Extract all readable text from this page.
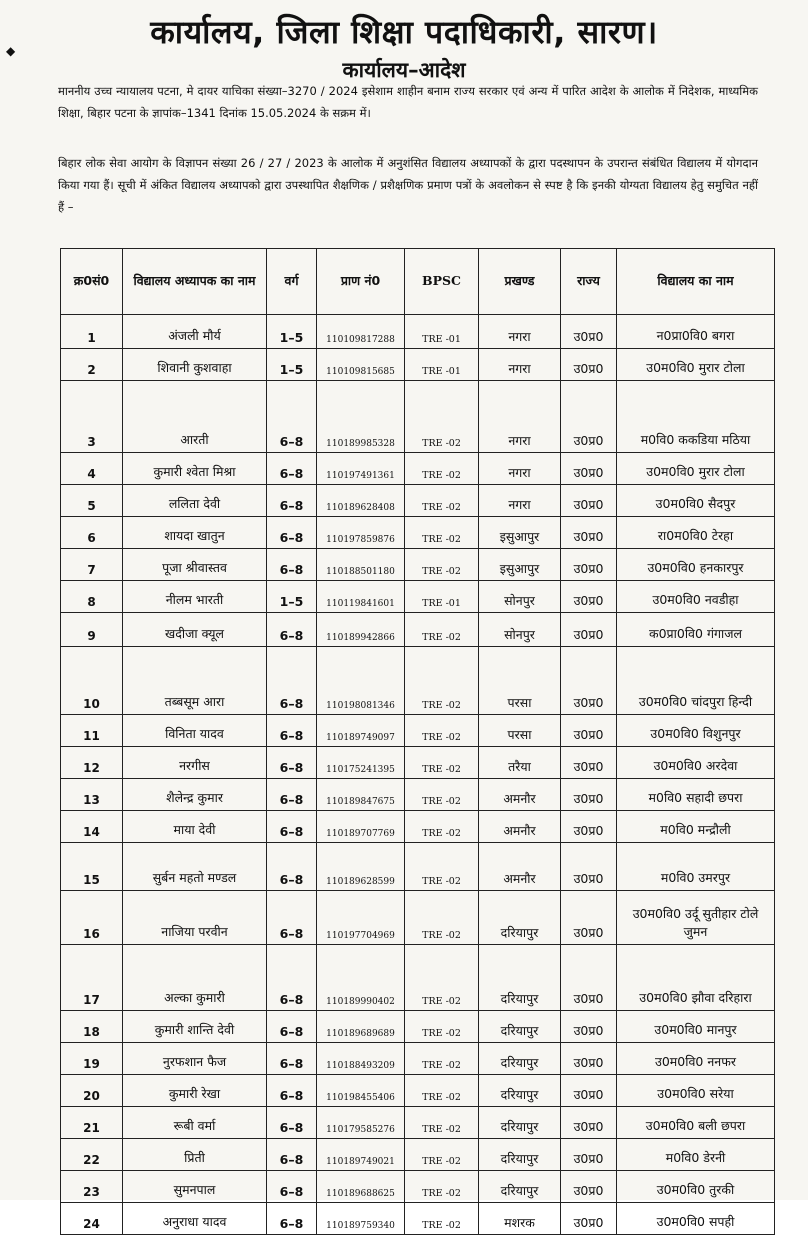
◆	कार्यालय, जिला शिक्षा पदाधिकारी, सारण।
कार्यालय–आदेश
माननीय उच्च न्यायालय पटना, मे दायर याचिका संख्या–3270 / 2024 इसेशाम शाहीन बनाम राज्य सरकार एवं अन्य में पारित आदेश के आलोक में निदेशक, माध्यमिक शिक्षा, बिहार पटना के ज्ञापांक–1341 दिनांक 15.05.2024 के सक्रम में।
बिहार लोक सेवा आयोग के विज्ञापन संख्या 26 / 27 / 2023 के आलोक में अनुशंसित विद्यालय अध्यापकों के द्वारा पदस्थापन के उपरान्त संबंधित विद्यालय में योगदान किया गया हैं। सूची में अंकित विद्यालय अध्यापको द्वारा उपस्थापित शैक्षणिक / प्रशैक्षणिक प्रमाण पत्रों के अवलोकन से स्पष्ट है कि इनकी योग्यता विद्यालय हेतु समुचित नहीं हैं –
क्र0सं0	विद्यालय अध्यापक का नाम	वर्ग	प्राण नं0	BPSC	प्रखण्ड	राज्य	विद्यालय का नाम
1	अंजली मौर्य	1–5	110109817288	TRE -01	नगरा	उ0प्र0	न0प्रा0वि0 बगरा
2	शिवानी कुशवाहा	1–5	110109815685	TRE -01	नगरा	उ0प्र0	उ0म0वि0 मुरार टोला
3	आरती	6–8	110189985328	TRE -02	नगरा	उ0प्र0	म0वि0 ककडिया मठिया
4	कुमारी श्वेता मिश्रा	6–8	110197491361	TRE -02	नगरा	उ0प्र0	उ0म0वि0 मुरार टोला
5	ललिता देवी	6–8	110189628408	TRE -02	नगरा	उ0प्र0	उ0म0वि0 सैदपुर
6	शायदा खातुन	6–8	110197859876	TRE -02	इसुआपुर	उ0प्र0	रा0म0वि0 टेरहा
7	पूजा श्रीवास्तव	6–8	110188501180	TRE -02	इसुआपुर	उ0प्र0	उ0म0वि0 हनकारपुर
8	नीलम भारती	1–5	110119841601	TRE -01	सोनपुर	उ0प्र0	उ0म0वि0 नवडीहा
9	खदीजा क्यूल	6–8	110189942866	TRE -02	सोनपुर	उ0प्र0	क0प्रा0वि0 गंगाजल
10	तब्बसूम आरा	6–8	110198081346	TRE -02	परसा	उ0प्र0	उ0म0वि0 चांदपुरा हिन्दी
11	विनिता यादव	6–8	110189749097	TRE -02	परसा	उ0प्र0	उ0म0वि0 विशुनपुर
12	नरगीस	6–8	110175241395	TRE -02	तरैया	उ0प्र0	उ0म0वि0 अरदेवा
13	शैलेन्द्र कुमार	6–8	110189847675	TRE -02	अमनौर	उ0प्र0	म0वि0 सहादी छपरा
14	माया देवी	6–8	110189707769	TRE -02	अमनौर	उ0प्र0	म0वि0 मन्द्रौली
15	सुर्बन महतो मण्डल	6–8	110189628599	TRE -02	अमनौर	उ0प्र0	म0वि0 उमरपुर
16	नाजिया परवीन	6–8	110197704969	TRE -02	दरियापुर	उ0प्र0	उ0म0वि0 उर्दू सुतीहार टोले जुमन
17	अल्का कुमारी	6–8	110189990402	TRE -02	दरियापुर	उ0प्र0	उ0म0वि0 झौवा दरिहारा
18	कुमारी शान्ति देवी	6–8	110189689689	TRE -02	दरियापुर	उ0प्र0	उ0म0वि0 मानपुर
19	नुरफशान फैज	6–8	110188493209	TRE -02	दरियापुर	उ0प्र0	उ0म0वि0 ननफर
20	कुमारी रेखा	6–8	110198455406	TRE -02	दरियापुर	उ0प्र0	उ0म0वि0 सरेया
21	रूबी वर्मा	6–8	110179585276	TRE -02	दरियापुर	उ0प्र0	उ0म0वि0 बली छपरा
22	प्रिती	6–8	110189749021	TRE -02	दरियापुर	उ0प्र0	म0वि0 डेरनी
23	सुमनपाल	6–8	110189688625	TRE -02	दरियापुर	उ0प्र0	उ0म0वि0 तुरकी
24	अनुराधा यादव	6–8	110189759340	TRE -02	मशरक	उ0प्र0	उ0म0वि0 सपही
